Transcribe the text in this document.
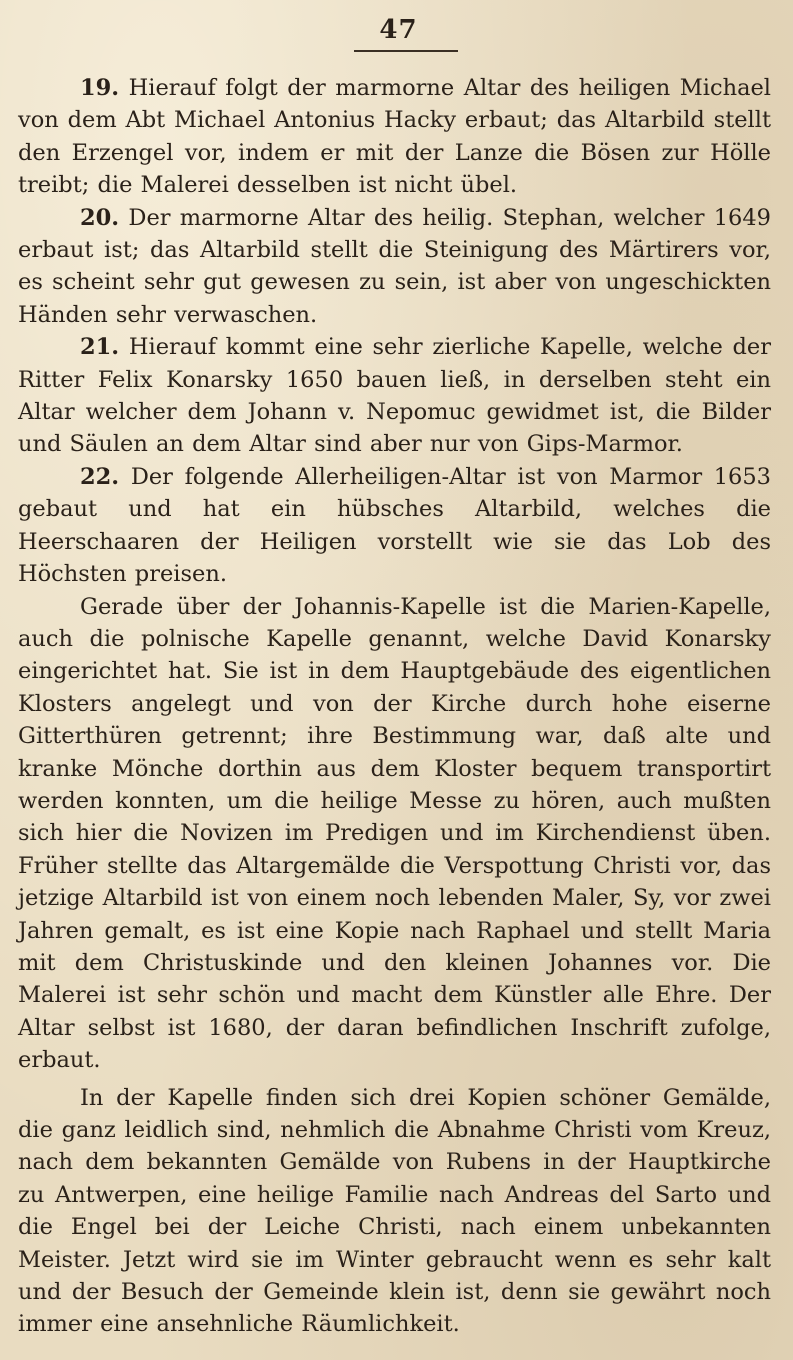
47

19. Hierauf folgt der marmorne Altar des heiligen Michael von dem Abt Michael Antonius Hacky erbaut; das Altarbild stellt den Erzengel vor, indem er mit der Lanze die Bösen zur Hölle treibt; die Malerei desselben ist nicht übel.

20. Der marmorne Altar des heilig. Stephan, welcher 1649 erbaut ist; das Altarbild stellt die Steinigung des Märtirers vor, es scheint sehr gut gewesen zu sein, ist aber von ungeschickten Händen sehr verwaschen.

21. Hierauf kommt eine sehr zierliche Kapelle, welche der Ritter Felix Konarsky 1650 bauen ließ, in derselben steht ein Altar welcher dem Johann v. Nepomuc gewidmet ist, die Bilder und Säulen an dem Altar sind aber nur von Gips-Marmor.

22. Der folgende Allerheiligen-Altar ist von Marmor 1653 gebaut und hat ein hübsches Altarbild, welches die Heerschaaren der Heiligen vorstellt wie sie das Lob des Höchsten preisen.

Gerade über der Johannis-Kapelle ist die Marien-Kapelle, auch die polnische Kapelle genannt, welche David Konarsky eingerichtet hat. Sie ist in dem Hauptgebäude des eigentlichen Klosters angelegt und von der Kirche durch hohe eiserne Gitterthüren getrennt; ihre Bestimmung war, daß alte und kranke Mönche dorthin aus dem Kloster bequem transportirt werden konnten, um die heilige Messe zu hören, auch mußten sich hier die Novizen im Predigen und im Kirchendienst üben. Früher stellte das Altargemälde die Verspottung Christi vor, das jetzige Altarbild ist von einem noch lebenden Maler, Sy, vor zwei Jahren gemalt, es ist eine Kopie nach Raphael und stellt Maria mit dem Christuskinde und den kleinen Johannes vor. Die Malerei ist sehr schön und macht dem Künstler alle Ehre. Der Altar selbst ist 1680, der daran befindlichen Inschrift zufolge, erbaut.

In der Kapelle finden sich drei Kopien schöner Gemälde, die ganz leidlich sind, nehmlich die Abnahme Christi vom Kreuz, nach dem bekannten Gemälde von Rubens in der Hauptkirche zu Antwerpen, eine heilige Familie nach Andreas del Sarto und die Engel bei der Leiche Christi, nach einem unbekannten Meister. Jetzt wird sie im Winter gebraucht wenn es sehr kalt und der Besuch der Gemeinde klein ist, denn sie gewährt noch immer eine ansehnliche Räumlichkeit.
